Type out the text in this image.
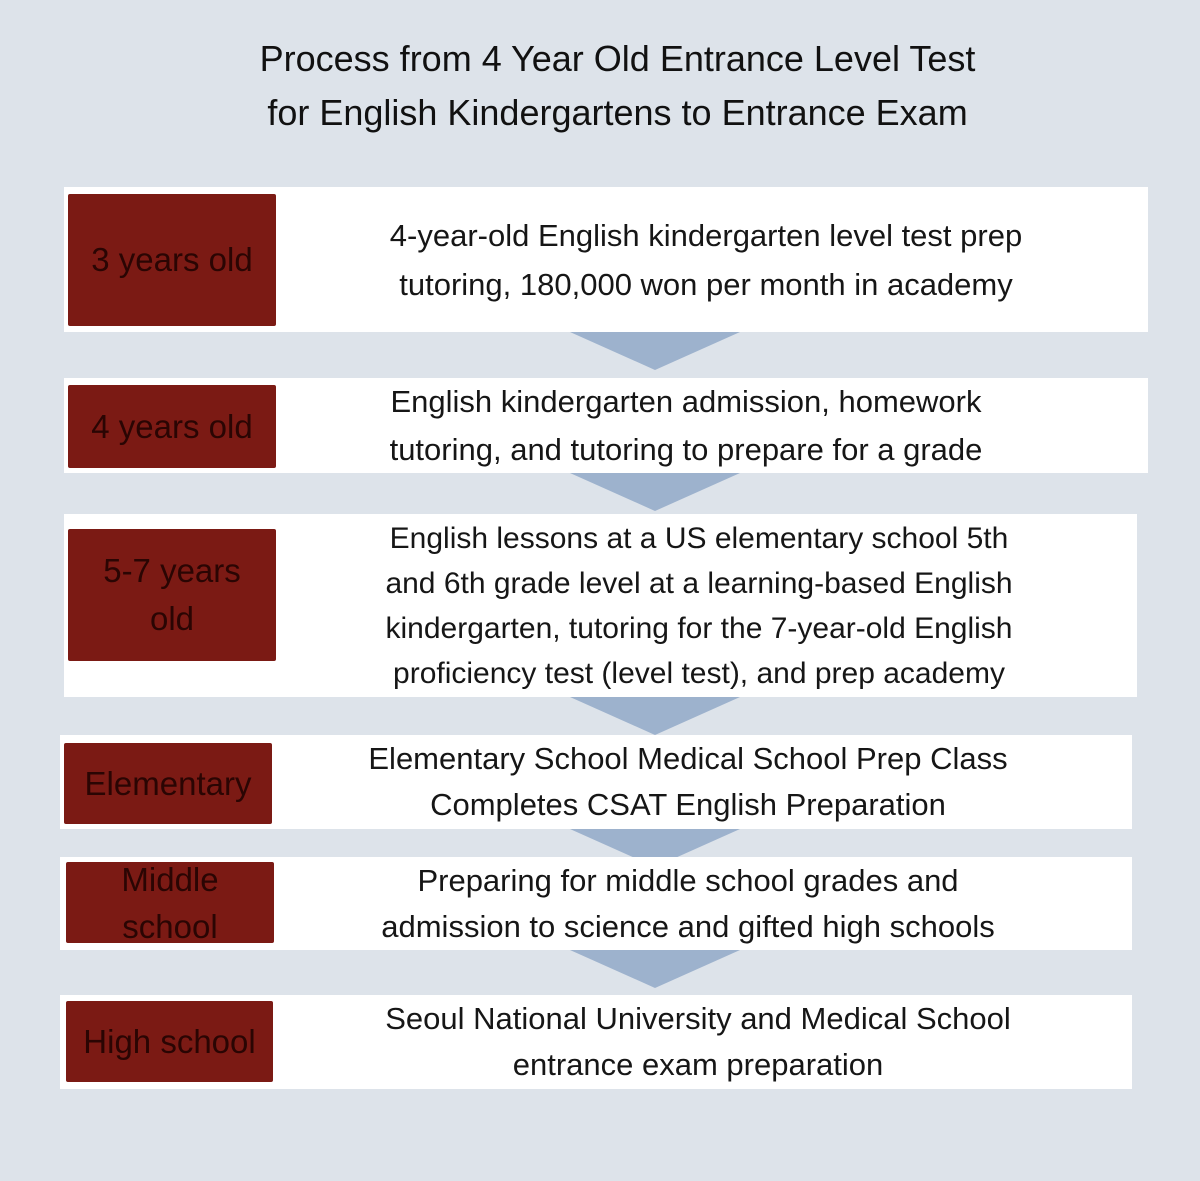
Process from 4 Year Old Entrance Level Test
for English Kindergartens to Entrance Exam
3 years old
4-year-old English kindergarten level test prep
tutoring, 180,000 won per month in academy
4 years old
English kindergarten admission, homework
tutoring, and tutoring to prepare for a grade
5-7 years
old
English lessons at a US elementary school 5th
and 6th grade level at a learning-based English
kindergarten, tutoring for the 7-year-old English
proficiency test (level test), and prep academy
Elementary
Elementary School Medical School Prep Class
Completes CSAT English Preparation
Middle
school
Preparing for middle school grades and
admission to science and gifted high schools
High school
Seoul National University and Medical School
entrance exam preparation
